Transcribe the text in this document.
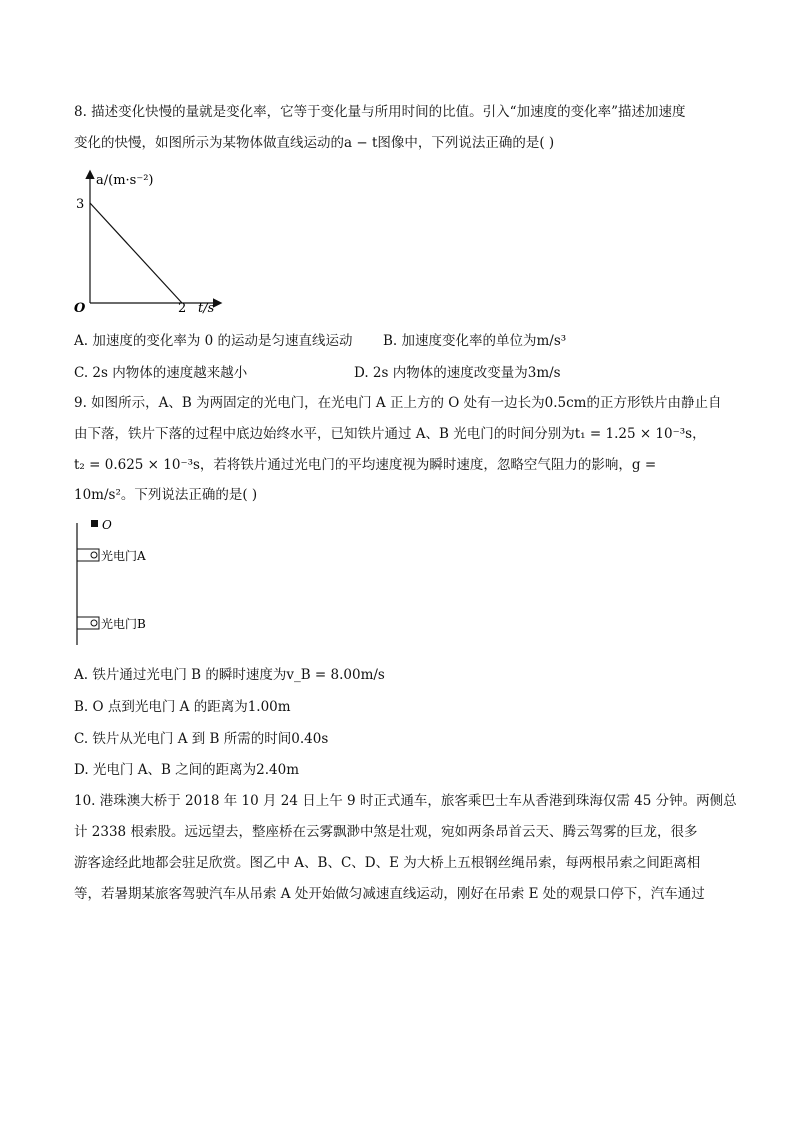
8. 描述变化快慢的量就是变化率，它等于变化量与所用时间的比值。引入“加速度的变化率”描述加速度
变化的快慢，如图所示为某物体做直线运动的a − t图像中，下列说法正确的是( )
a/(m·s⁻²)
t/s
O
3
2
A. 加速度的变化率为 0 的运动是匀速直线运动 B. 加速度变化率的单位为m/s³
C. 2s 内物体的速度越来越小	D. 2s 内物体的速度改变量为3m/s
9. 如图所示，A、B 为两固定的光电门，在光电门 A 正上方的 O 处有一边长为0.5cm的正方形铁片由静止自
由下落，铁片下落的过程中底边始终水平，已知铁片通过 A、B 光电门的时间分别为t₁ = 1.25 × 10⁻³s，
t₂ = 0.625 × 10⁻³s，若将铁片通过光电门的平均速度视为瞬时速度，忽略空气阻力的影响，g =
10m/s²。下列说法正确的是( )
O
光电门A
光电门B
A. 铁片通过光电门 B 的瞬时速度为v_B = 8.00m/s
B. O 点到光电门 A 的距离为1.00m
C. 铁片从光电门 A 到 B 所需的时间0.40s
D. 光电门 A、B 之间的距离为2.40m
10. 港珠澳大桥于 2018 年 10 月 24 日上午 9 时正式通车，旅客乘巴士车从香港到珠海仅需 45 分钟。两侧总
计 2338 根索股。远远望去，整座桥在云雾飘渺中煞是壮观，宛如两条昂首云天、腾云驾雾的巨龙，很多
游客途经此地都会驻足欣赏。图乙中 A、B、C、D、E 为大桥上五根钢丝绳吊索，每两根吊索之间距离相
等，若暑期某旅客驾驶汽车从吊索 A 处开始做匀减速直线运动，刚好在吊索 E 处的观景口停下，汽车通过
